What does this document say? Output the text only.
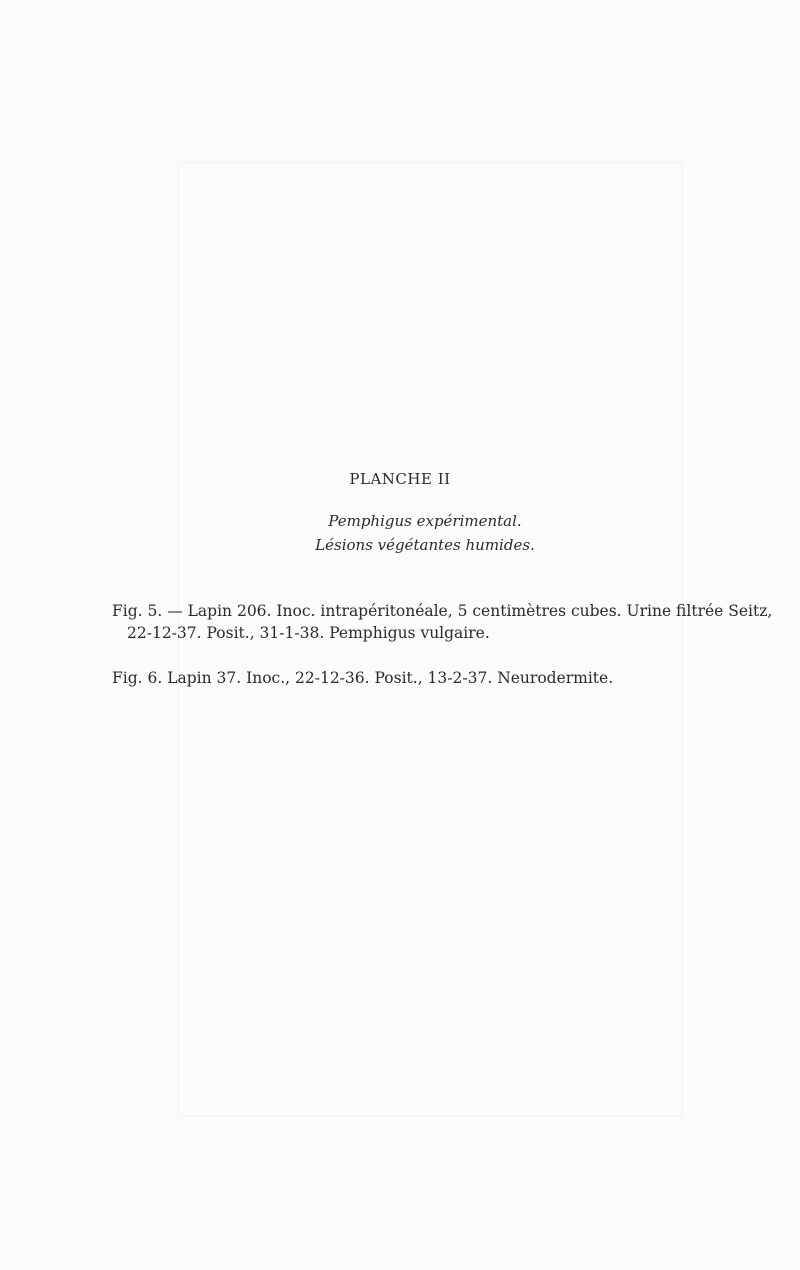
PLANCHE II
Pemphigus expérimental.
Lésions végétantes humides.
Fig. 5. — Lapin 206. Inoc. intrapéritonéale, 5 centimètres cubes. Urine filtrée Seitz,
22-12-37. Posit., 31-1-38. Pemphigus vulgaire.
Fig. 6. Lapin 37. Inoc., 22-12-36. Posit., 13-2-37. Neurodermite.
